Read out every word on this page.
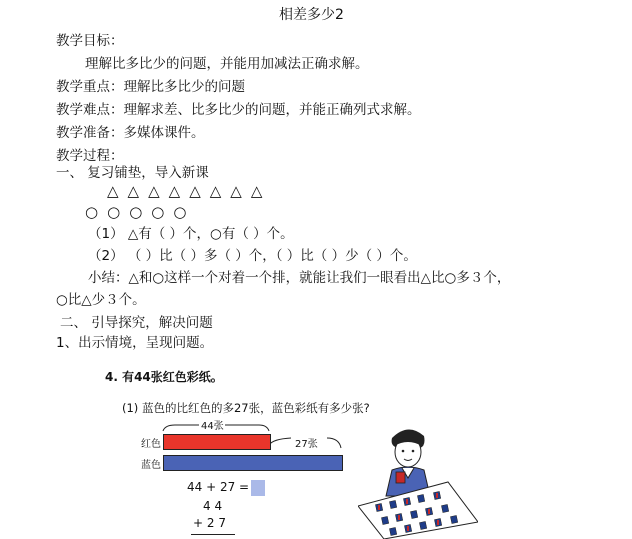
相差多少2
教学目标：
理解比多比少的问题，并能用加减法正确求解。
教学重点：理解比多比少的问题
教学难点：理解求差、比多比少的问题，并能正确列式求解。
教学准备：多媒体课件。
教学过程：
一、 复习铺垫，导入新课
△ △ △ △ △ △ △ △
○ ○ ○ ○ ○
（1） △有（ ）个，○有（ ）个。
（2） （ ）比（ ）多（ ）个，（ ）比（ ）少（ ）个。
小结：△和○这样一个对着一个排，就能让我们一眼看出△比○多３个，
○比△少３个。
二、 引导探究，解决问题
1、出示情境，呈现问题。
4. 有44张红色彩纸。
(1) 蓝色的比红色的多27张，蓝色彩纸有多少张?
44张
27张
红色
蓝色
44 + 27 =
4 4
+ 2 7
